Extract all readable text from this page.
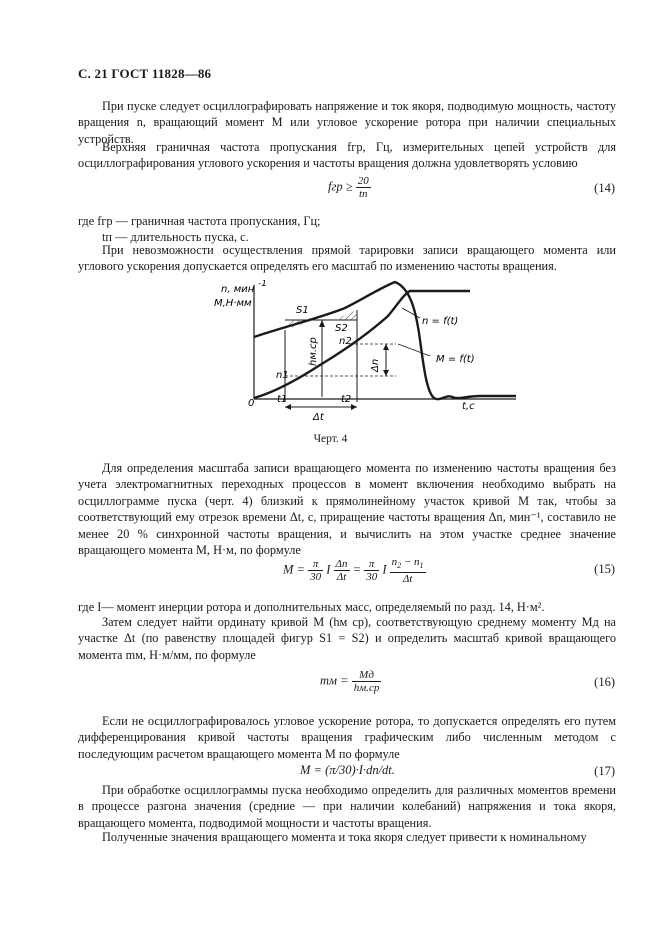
С. 21 ГОСТ 11828—86
При пуске следует осциллографировать напряжение и ток якоря, подводимую мощность, частоту вращения n, вращающий момент M или угловое ускорение ротора при наличии специальных устройств.
Верхняя граничная частота пропускания fгр, Гц, измерительных цепей устройств для осциллографирования углового ускорения и частоты вращения должна удовлетворять условию
fгр ≥ $\frac{20}{tп}$	(14)
где fгр — граничная частота пропускания, Гц;
tп — длительность пуска, с.
При невозможности осуществления прямой тарировки записи вращающего момента или углового ускорения допускается определять его масштаб по изменению частоты вращения.
n, мин -1
M,H·мм
S1
S2
hм.ср n2
n1
Δn
0 t1	t2
Δt
t,c
n = f(t)
M = f(t)
Черт. 4
Для определения масштаба записи вращающего момента по изменению частоты вращения без учета электромагнитных переходных процессов в момент включения необходимо выбрать на осциллограмме пуска (черт. 4) близкий к прямолинейному участок кривой M так, чтобы за соответствующий ему отрезок времени Δt, с, приращение частоты вращения Δn, мин⁻¹, составило не менее 20 % синхронной частоты вращения, и вычислить на этом участке среднее значение вращающего момента M, Н·м, по формуле
$M = \frac{\pi}{30}$ I $\frac{\Delta n}{\Delta t} = \frac{\pi}{30}$ I $\frac{n_2 - n_1}{\Delta t}$	(15)
где I— момент инерции ротора и дополнительных масс, определяемый по разд. 14, Н·м².
Затем следует найти ординату кривой M (hм ср), соответствующую среднему моменту Mд на участке Δt (по равенству площадей фигур S1 = S2) и определить масштаб кривой вращающего момента mм, Н·м/мм, по формуле
mм = $\frac{Mд}{hм.ср}$	(16)
Если не осциллографировалось угловое ускорение ротора, то допускается определять его путем дифференцирования кривой частоты вращения графическим либо численным методом с последующим расчетом вращающего момента M по формуле
M = (π/30)·I·dn/dt.	(17)
При обработке осциллограммы пуска необходимо определить для различных моментов времени в процессе разгона значения (средние — при наличии колебаний) напряжения и тока якоря, вращающего момента, подводимой мощности и частоты вращения.
Полученные значения вращающего момента и тока якоря следует привести к номинальному
